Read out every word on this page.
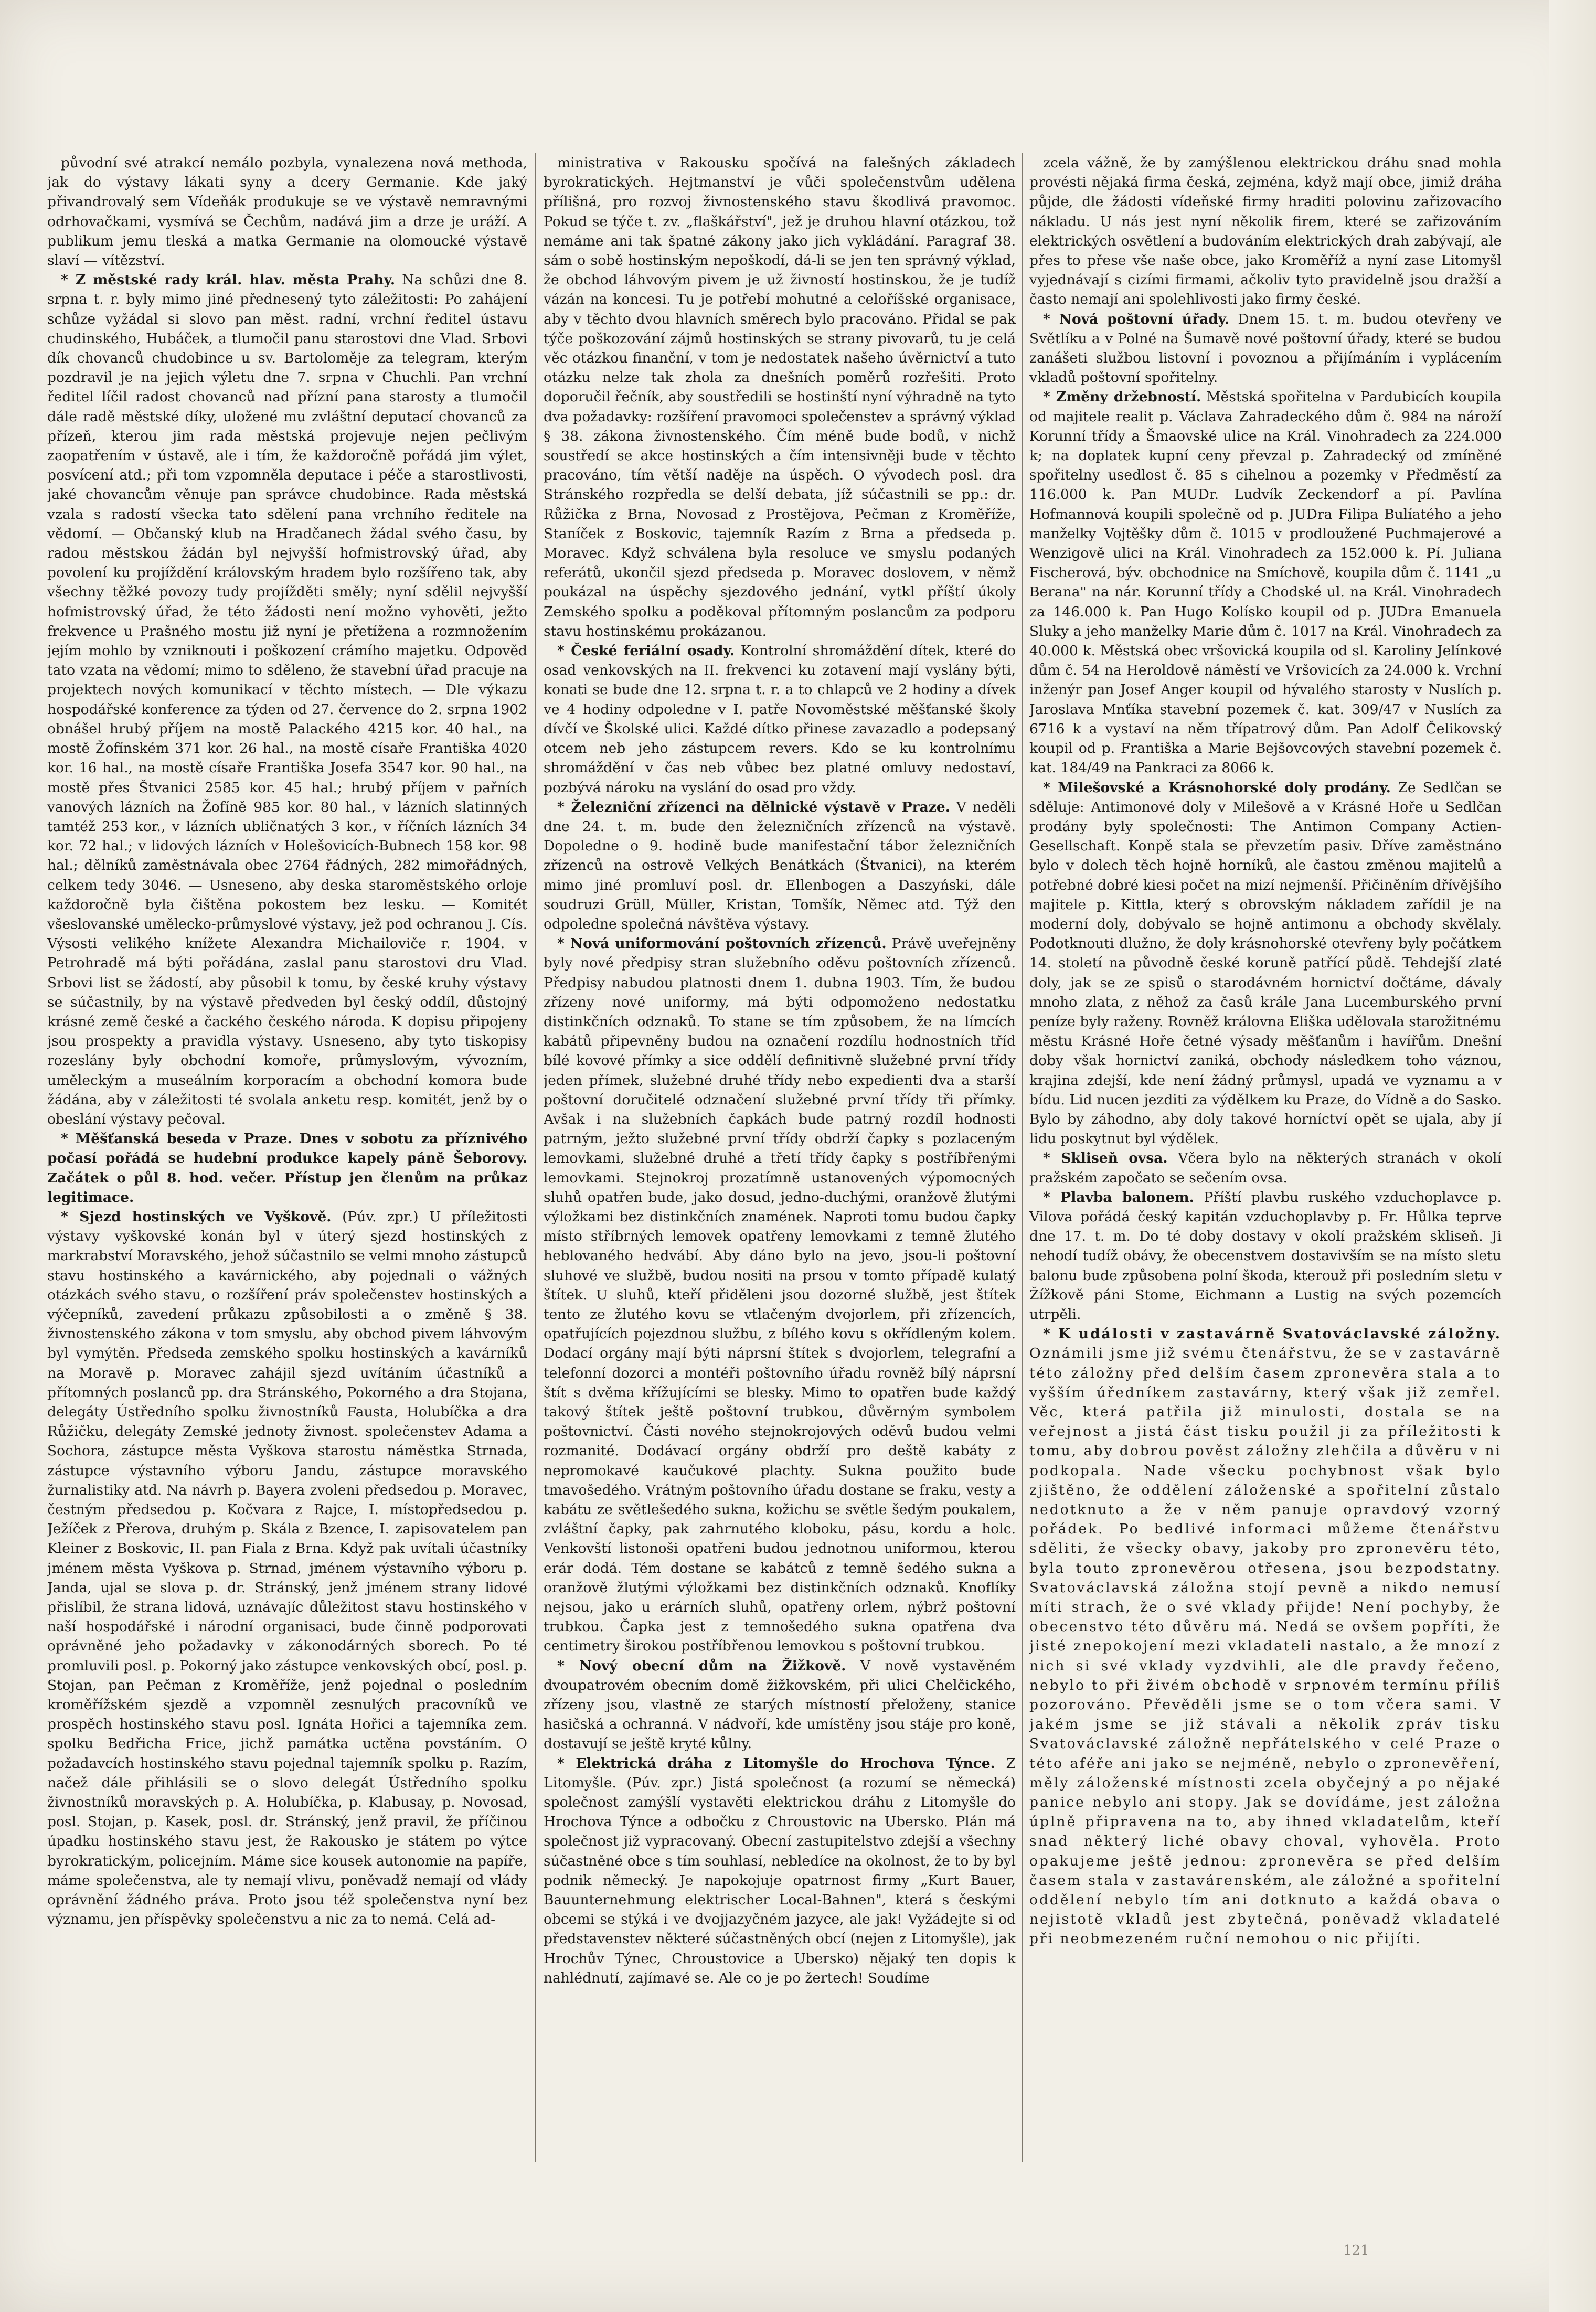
původní své atrakcí nemálo pozbyla, vynalezena nová methoda, jak do výstavy lákati syny a dcery Germanie. Kde jaký přivandrovalý sem Vídeňák produkuje se ve výstavě nemravnými odrhovačkami, vysmívá se Čechům, nadává jim a drze je uráží. A publikum jemu tleská a matka Germanie na olomoucké výstavě slaví — vítězství.

* Z městské rady král. hlav. města Prahy. Na schůzi dne 8. srpna t. r. byly mimo jiné přednesený tyto záležitosti: Po zahájení schůze vyžádal si slovo pan měst. radní, vrchní ředitel ústavu chudinského, Hubáček, a tlumočil panu starostovi dne Vlad. Srbovi dík chovanců chudobince u sv. Bartoloměje za telegram, kterým pozdravil je na jejich výletu dne 7. srpna v Chuchli. Pan vrchní ředitel líčil radost chovanců nad přízní pana starosty a tlumočil dále radě městské díky, uložené mu zvláštní deputací chovanců za přízeň, kterou jim rada městská projevuje nejen pečlivým zaopatřením v ústavě, ale i tím, že každoročně pořádá jim výlet, posvícení atd.; při tom vzpomněla deputace i péče a starostlivosti, jaké chovancům věnuje pan správce chudobince. Rada městská vzala s radostí všecka tato sdělení pana vrchního ředitele na vědomí. — Občanský klub na Hradčanech žádal svého času, by radou městskou žádán byl nejvyšší hofmistrovský úřad, aby povolení ku projíždění královským hradem bylo rozšířeno tak, aby všechny těžké povozy tudy projížděti směly; nyní sdělil nejvyšší hofmistrovský úřad, že této žádosti není možno vyhověti, ježto frekvence u Prašného mostu již nyní je přetížena a rozmnožením jejím mohlo by vzniknouti i poškození crámího majetku. Odpověď tato vzata na vědomí; mimo to sděleno, že stavební úřad pracuje na projektech nových komunikací v těchto místech. — Dle výkazu hospodářské konference za týden od 27. července do 2. srpna 1902 obnášel hrubý příjem na mostě Palackého 4215 kor. 40 hal., na mostě Žofínském 371 kor. 26 hal., na mostě císaře Františka 4020 kor. 16 hal., na mostě císaře Františka Josefa 3547 kor. 90 hal., na mostě přes Štvanici 2585 kor. 45 hal.; hrubý příjem v pařních vanových lázních na Žofíně 985 kor. 80 hal., v lázních slatinných tamtéž 253 kor., v lázních ubličnatých 3 kor., v říčních lázních 34 kor. 72 hal.; v lidových lázních v Holešovicích-Bubnech 158 kor. 98 hal.; dělníků zaměstnávala obec 2764 řádných, 282 mimořádných, celkem tedy 3046. — Usneseno, aby deska staroměstského orloje každoročně byla čištěna pokostem bez lesku. — Komitét všeslovanské umělecko-průmyslové výstavy, jež pod ochranou J. Cís. Výsosti velikého knížete Alexandra Michailoviče r. 1904. v Petrohradě má býti pořádána, zaslal panu starostovi dru Vlad. Srbovi list se žádostí, aby působil k tomu, by české kruhy výstavy se súčastnily, by na výstavě předveden byl český oddíl, důstojný krásné země české a čackého českého národa. K dopisu připojeny jsou prospekty a pravidla výstavy. Usneseno, aby tyto tiskopisy rozeslány byly obchodní komoře, průmyslovým, vývozním, uměleckým a museálním korporacím a obchodní komora bude žádána, aby v záležitosti té svolala anketu resp. komitét, jenž by o obeslání výstavy pečoval.

* Měšťanská beseda v Praze. Dnes v sobotu za příznivého počasí pořádá se hudební produkce kapely páně Šeborovy. Začátek o půl 8. hod. večer. Přístup jen členům na průkaz legitimace.

* Sjezd hostinských ve Vyškově. (Púv. zpr.) U příležitosti výstavy vyškovské konán byl v úterý sjezd hostinských z markrabství Moravského, jehož súčastnilo se velmi mnoho zástupců stavu hostinského a kavárnického, aby pojednali o vážných otázkách svého stavu, o rozšíření práv společenstev hostinských a výčepníků, zavedení průkazu způsobilosti a o změně § 38. živnostenského zákona v tom smyslu, aby obchod pivem láhvovým byl vymýtěn. Předseda zemského spolku hostinských a kavárníků na Moravě p. Moravec zahájil sjezd uvítáním účastníků a přítomných poslanců pp. dra Stránského, Pokorného a dra Stojana, delegáty Ústředního spolku živnostníků Fausta, Holubíčka a dra Růžičku, delegáty Zemské jednoty živnost. společenstev Adama a Sochora, zástupce města Vyškova starostu náměstka Strnada, zástupce výstavního výboru Jandu, zástupce moravského žurnalistiky atd. Na návrh p. Bayera zvoleni předsedou p. Moravec, čestným předsedou p. Kočvara z Rajce, I. místopředsedou p. Ježíček z Přerova, druhým p. Skála z Bzence, I. zapisovatelem pan Kleiner z Boskovic, II. pan Fiala z Brna. Když pak uvítali účastníky jménem města Vyškova p. Strnad, jménem výstavního výboru p. Janda, ujal se slova p. dr. Stránský, jenž jménem strany lidové přislíbil, že strana lidová, uznávajíc důležitost stavu hostinského v naší hospodářské i národní organisaci, bude činně podporovati oprávněné jeho požadavky v zákonodárných sborech. Po té promluvili posl. p. Pokorný jako zástupce venkovských obcí, posl. p. Stojan, pan Pečman z Kroměříže, jenž pojednal o posledním kroměřížském sjezdě a vzpomněl zesnulých pracovníků ve prospěch hostinského stavu posl. Ignáta Hořici a tajemníka zem. spolku Bedřicha Frice, jichž památka uctěna povstáním. O požadavcích hostinského stavu pojednal tajemník spolku p. Razím, načež dále přihlásili se o slovo delegát Ústředního spolku živnostníků moravských p. A. Holubíčka, p. Klabusay, p. Novosad, posl. Stojan, p. Kasek, posl. dr. Stránský, jenž pravil, že příčinou úpadku hostinského stavu jest, že Rakousko je státem po výtce byrokratickým, policejním. Máme sice kousek autonomie na papíře, máme společenstva, ale ty nemají vlivu, poněvadž nemají od vlády oprávnění žádného práva. Proto jsou též společenstva nyní bez významu, jen příspěvky společenstvu a nic za to nemá. Celá ad-

ministrativa v Rakousku spočívá na falešných základech byrokratických. Hejtmanství je vůči společenstvům udělena přílišná, pro rozvoj živnostenského stavu škodlivá pravomoc. Pokud se týče t. zv. „flaškářství", jež je druhou hlavní otázkou, tož nemáme ani tak špatné zákony jako jich vykládání. Paragraf 38. sám o sobě hostinským nepoškodí, dá-li se jen ten správný výklad, že obchod láhvovým pivem je už živností hostinskou, že je tudíž vázán na koncesi. Tu je potřebí mohutné a celoříšské organisace, aby v těchto dvou hlavních směrech bylo pracováno. Přidal se pak týče poškozování zájmů hostinských se strany pivovarů, tu je celá věc otázkou finanční, v tom je nedostatek našeho úvěrnictví a tuto otázku nelze tak zhola za dnešních poměrů rozřešiti. Proto doporučil řečník, aby soustředili se hostinští nyní výhradně na tyto dva požadavky: rozšíření pravomoci společenstev a správný výklad § 38. zákona živnostenského. Čím méně bude bodů, v nichž soustředí se akce hostinských a čím intensivněji bude v těchto pracováno, tím větší naděje na úspěch. O vývodech posl. dra Stránského rozpředla se delší debata, jíž súčastnili se pp.: dr. Růžička z Brna, Novosad z Prostějova, Pečman z Kroměříže, Staníček z Boskovic, tajemník Razím z Brna a předseda p. Moravec. Když schválena byla resoluce ve smyslu podaných referátů, ukončil sjezd předseda p. Moravec doslovem, v němž poukázal na úspěchy sjezdového jednání, vytkl příští úkoly Zemského spolku a poděkoval přítomným poslancům za podporu stavu hostinskému prokázanou.

* České feriální osady. Kontrolní shromáždění dítek, které do osad venkovských na II. frekvenci ku zotavení mají vyslány býti, konati se bude dne 12. srpna t. r. a to chlapců ve 2 hodiny a dívek ve 4 hodiny odpoledne v I. patře Novoměstské měšťanské školy dívčí ve Školské ulici. Každé dítko přinese zavazadlo a podepsaný otcem neb jeho zástupcem revers. Kdo se ku kontrolnímu shromáždění v čas neb vůbec bez platné omluvy nedostaví, pozbývá nároku na vyslání do osad pro vždy.

* Železniční zřízenci na dělnické výstavě v Praze. V neděli dne 24. t. m. bude den železničních zřízenců na výstavě. Dopoledne o 9. hodině bude manifestační tábor železničních zřízenců na ostrově Velkých Benátkách (Štvanici), na kterém mimo jiné promluví posl. dr. Ellenbogen a Daszyński, dále soudruzi Grüll, Müller, Kristan, Tomšík, Němec atd. Týž den odpoledne společná návštěva výstavy.

* Nová uniformování poštovních zřízenců. Právě uveřejněny byly nové předpisy stran služebního oděvu poštovních zřízenců. Předpisy nabudou platnosti dnem 1. dubna 1903. Tím, že budou zřízeny nové uniformy, má býti odpomoženo nedostatku distinkčních odznaků. To stane se tím způsobem, že na límcích kabátů připevněny budou na označení rozdílu hodnostních tříd bílé kovové přímky a sice oddělí definitivně služebné první třídy jeden přímek, služebné druhé třídy nebo expedienti dva a starší poštovní doručitelé odznačení služebné první třídy tři přímky. Avšak i na služebních čapkách bude patrný rozdíl hodnosti patrným, ježto služebné první třídy obdrží čapky s pozlaceným lemovkami, služebné druhé a třetí třídy čapky s postříbřenými lemovkami. Stejnokroj prozatímně ustanovených výpomocných sluhů opatřen bude, jako dosud, jedno-duchými, oranžově žlutými výložkami bez distinkčních znamének. Naproti tomu budou čapky místo stříbrných lemovek opatřeny lemovkami z temně žlutého heblovaného hedvábí. Aby dáno bylo na jevo, jsou-li poštovní sluhové ve službě, budou nositi na prsou v tomto případě kulatý štítek. U sluhů, kteří přiděleni jsou dozorné službě, jest štítek tento ze žlutého kovu se vtlačeným dvojorlem, při zřízencích, opatřujících pojezdnou službu, z bílého kovu s okřídleným kolem. Dodací orgány mají býti náprsní štítek s dvojorlem, telegrafní a telefonní dozorci a montéři poštovního úřadu rovněž bílý náprsní štít s dvěma křížujícími se blesky. Mimo to opatřen bude každý takový štítek ještě poštovní trubkou, důvěrným symbolem poštovnictví. Části nového stejnokrojových oděvů budou velmi rozmanité. Dodávací orgány obdrží pro deště kabáty z nepromokavé kaučukové plachty. Sukna použito bude tmavošedého. Vrátným poštovního úřadu dostane se fraku, vesty a kabátu ze světlešedého sukna, kožichu se světle šedým poukalem, zvláštní čapky, pak zahrnutého kloboku, pásu, kordu a holc. Venkovští listonoši opatřeni budou jednotnou uniformou, kterou erár dodá. Tém dostane se kabátců z temně šedého sukna a oranžově žlutými výložkami bez distinkčních odznaků. Knoflíky nejsou, jako u erárních sluhů, opatřeny orlem, nýbrž poštovní trubkou. Čapka jest z temnošedého sukna opatřena dva centimetry širokou postříbřenou lemovkou s poštovní trubkou.

* Nový obecní dům na Žižkově. V nově vystavěném dvoupatrovém obecním domě žižkovském, při ulici Chelčického, zřízeny jsou, vlastně ze starých místností přeloženy, stanice hasičská a ochranná. V nádvoří, kde umístěny jsou stáje pro koně, dostavují se ještě kryté kůlny.

* Elektrická dráha z Litomyšle do Hrochova Týnce. Z Litomyšle. (Púv. zpr.) Jistá společnost (a rozumí se německá) společnost zamýšlí vystavěti elektrickou dráhu z Litomyšle do Hrochova Týnce a odbočku z Chroustovic na Ubersko. Plán má společnost již vypracovaný. Obecní zastupitelstvo zdejší a všechny súčastněné obce s tím souhlasí, nebledíce na okolnost, že to by byl podnik německý. Je napokojuje opatrnost firmy „Kurt Bauer, Bauunternehmung elektrischer Local-Bahnen", která s českými obcemi se stýká i ve dvojjazyčném jazyce, ale jak! Vyžádejte si od představenstev některé súčastněných obcí (nejen z Litomyšle), jak Hrochův Týnec, Chroustovice a Ubersko) nějaký ten dopis k nahlédnutí, zajímavé se. Ale co je po žertech! Soudíme

zcela vážně, že by zamýšlenou elektrickou dráhu snad mohla provésti nějaká firma česká, zejména, když mají obce, jimiž dráha půjde, dle žádosti vídeňské firmy hraditi polovinu zařizovacího nákladu. U nás jest nyní několik firem, které se zařizováním elektrických osvětlení a budováním elektrických drah zabývají, ale přes to přese vše naše obce, jako Kroměříž a nyní zase Litomyšl vyjednávají s cizími firmami, ačkoliv tyto pravidelně jsou dražší a často nemají ani spolehlivosti jako firmy české.

* Nová poštovní úřady. Dnem 15. t. m. budou otevřeny ve Světlíku a v Polné na Šumavě nové poštovní úřady, které se budou zanášeti službou listovní i povoznou a přijímáním i vyplácením vkladů poštovní spořitelny.

* Změny držebností. Městská spořitelna v Pardubicích koupila od majitele realit p. Václava Zahradeckého dům č. 984 na nároží Korunní třídy a Šmaovské ulice na Král. Vinohradech za 224.000 k; na doplatek kupní ceny převzal p. Zahradecký od zmíněné spořitelny usedlost č. 85 s cihelnou a pozemky v Předměstí za 116.000 k. Pan MUDr. Ludvík Zeckendorf a pí. Pavlína Hofmannová koupili společně od p. JUDra Filipa Bulíatého a jeho manželky Vojtěšky dům č. 1015 v prodloužené Puchmajerové a Wenzigově ulici na Král. Vinohradech za 152.000 k. Pí. Juliana Fischerová, býv. obchodnice na Smíchově, koupila dům č. 1141 „u Berana" na nár. Korunní třídy a Chodské ul. na Král. Vinohradech za 146.000 k. Pan Hugo Kolísko koupil od p. JUDra Emanuela Sluky a jeho manželky Marie dům č. 1017 na Král. Vinohradech za 40.000 k. Městská obec vršovická koupila od sl. Karoliny Jelínkové dům č. 54 na Heroldově náměstí ve Vršovicích za 24.000 k. Vrchní inženýr pan Josef Anger koupil od hývalého starosty v Nuslích p. Jaroslava Mnťíka stavební pozemek č. kat. 309/47 v Nuslích za 6716 k a vystaví na něm třípatrový dům. Pan Adolf Čelikovský koupil od p. Františka a Marie Bejšovcových stavební pozemek č. kat. 184/49 na Pankraci za 8066 k.

* Milešovské a Krásnohorské doly prodány. Ze Sedlčan se sděluje: Antimonové doly v Milešově a v Krásné Hoře u Sedlčan prodány byly společnosti: The Antimon Company Actien-Gesellschaft. Konpě stala se převzetím pasiv. Dříve zaměstnáno bylo v dolech těch hojně horníků, ale častou změnou majitelů a potřebné dobré kiesi počet na mizí nejmenší. Přičiněním dřívějšího majitele p. Kittla, který s obrovským nákladem zařídil je na moderní doly, dobývalo se hojně antimonu a obchody skvělaly. Podotknouti dlužno, že doly krásnohorské otevřeny byly počátkem 14. století na původně české koruně patřící půdě. Tehdejší zlaté doly, jak se ze spisů o starodávném hornictví dočtáme, dávaly mnoho zlata, z něhož za časů krále Jana Lucemburského první peníze byly raženy. Rovněž královna Eliška udělovala starožitnému městu Krásné Hoře četné výsady měšťanům i havířům. Dnešní doby však hornictví zaniká, obchody následkem toho váznou, krajina zdejší, kde není žádný průmysl, upadá ve vyznamu a v bídu. Lid nucen jezditi za výdělkem ku Praze, do Vídně a do Sasko. Bylo by záhodno, aby doly takové horníctví opět se ujala, aby jí lidu poskytnut byl výdělek.

* Skliseň ovsa. Včera bylo na některých stranách v okolí pražském započato se sečením ovsa.

* Plavba balonem. Příští plavbu ruského vzduchoplavce p. Vilova pořádá český kapitán vzduchoplavby p. Fr. Hůlka teprve dne 17. t. m. Do té doby dostavy v okolí pražském skliseň. Ji nehodí tudíž obávy, že obecenstvem dostavivším se na místo sletu balonu bude způsobena polní škoda, kterouž při posledním sletu v Žížkově páni Stome, Eichmann a Lustig na svých pozemcích utrpěli.

* K události v zastavárně Svatováclavské záložny. Oznámili jsme již svému čtenářstvu, že se v zastavárně této záložny před delším časem zpronevěra stala a to vyšším úředníkem zastavárny, který však již zemřel. Věc, která patřila již minulosti, dostala se na veřejnost a jistá část tisku použil ji za příležitosti k tomu, aby dobrou pověst záložny zlehčila a důvěru v ni podkopala. Nade všecku pochybnost však bylo zjištěno, že oddělení záloženské a spořitelní zůstalo nedotknuto a že v něm panuje opravdový vzorný pořádek. Po bedlivé informaci můžeme čtenářstvu sděliti, že všecky obavy, jakoby pro zpronevěru této, byla touto zpronevěrou otřesena, jsou bezpodstatny. Svatováclavská záložna stojí pevně a nikdo nemusí míti strach, že o své vklady přijde! Není pochyby, že obecenstvo této důvěru má. Nedá se ovšem popříti, že jisté znepokojení mezi vkladateli nastalo, a že mnozí z nich si své vklady vyzdvihli, ale dle pravdy řečeno, nebylo to při živém obchodě v srpnovém termínu příliš pozorováno. Převěděli jsme se o tom včera sami. V jakém jsme se již stávali a několik zpráv tisku Svatováclavské záložně nepřátelského v celé Praze o této aféře ani jako se nejméně, nebylo o zpronevěření, měly záloženské místnosti zcela obyčejný a po nějaké panice nebylo ani stopy. Jak se dovídáme, jest záložna úplně připravena na to, aby ihned vkladatelům, kteří snad některý liché obavy choval, vyhověla. Proto opakujeme ještě jednou: zpronevěra se před delším časem stala v zastavárenském, ale záložné a spořitelní oddělení nebylo tím ani dotknuto a každá obava o nejistotě vkladů jest zbytečná, poněvadž vkladatelé při neobmezeném ruční nemohou o nic přijíti.

121
